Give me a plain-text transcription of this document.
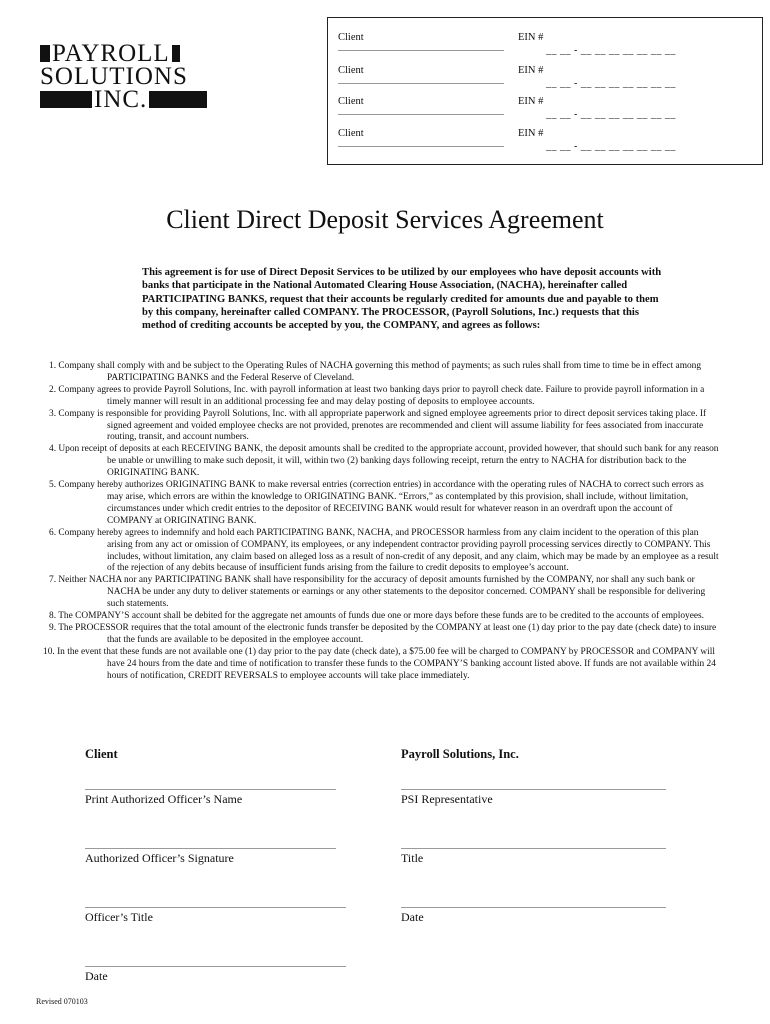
PAYROLL
SOLUTIONS
INC.
Client	EIN #
__ __ - __ __ __ __ __ __ __
Client	EIN #
__ __ - __ __ __ __ __ __ __
Client	EIN #
__ __ - __ __ __ __ __ __ __
Client	EIN #
__ __ - __ __ __ __ __ __ __
Client Direct Deposit Services Agreement
This agreement is for use of Direct Deposit Services to be utilized by our employees who have deposit accounts with banks that participate in the National Automated Clearing House Association, (NACHA), hereinafter called PARTICIPATING BANKS, request that their accounts be regularly credited for amounts due and payable to them by this company, hereinafter called COMPANY. The PROCESSOR, (Payroll Solutions, Inc.) requests that this method of crediting accounts be accepted by you, the COMPANY, and agrees as follows:
1. Company shall comply with and be subject to the Operating Rules of NACHA governing this method of payments; as such rules shall from time to time be in effect among PARTICIPATING BANKS and the Federal Reserve of Cleveland.
2. Company agrees to provide Payroll Solutions, Inc. with payroll information at least two banking days prior to payroll check date. Failure to provide payroll information in a timely manner will result in an additional processing fee and may delay posting of deposits to employee accounts.
3. Company is responsible for providing Payroll Solutions, Inc. with all appropriate paperwork and signed employee agreements prior to direct deposit services taking place. If signed agreement and voided employee checks are not provided, prenotes are recommended and client will assume liability for fees associated from inaccurate routing, transit, and account numbers.
4. Upon receipt of deposits at each RECEIVING BANK, the deposit amounts shall be credited to the appropriate account, provided however, that should such bank for any reason be unable or unwilling to make such deposit, it will, within two (2) banking days following receipt, return the entry to NACHA for distribution back to the ORIGINATING BANK.
5. Company hereby authorizes ORIGINATING BANK to make reversal entries (correction entries) in accordance with the operating rules of NACHA to correct such errors as may arise, which errors are within the knowledge to ORIGINATING BANK. “Errors,” as contemplated by this provision, shall include, without limitation, circumstances under which credit entries to the depositor of RECEIVING BANK would result for whatever reason in an overdraft upon the account of COMPANY at ORIGINATING BANK.
6. Company hereby agrees to indemnify and hold each PARTICIPATING BANK, NACHA, and PROCESSOR harmless from any claim incident to the operation of this plan arising from any act or omission of COMPANY, its employees, or any independent contractor providing payroll processing services directly to COMPANY. This includes, without limitation, any claim based on alleged loss as a result of non-credit of any deposit, and any claim, which may be made by an employee as a result of the rejection of any debits because of insufficient funds arising from the failure to credit deposits to employee’s account.
7. Neither NACHA nor any PARTICIPATING BANK shall have responsibility for the accuracy of deposit amounts furnished by the COMPANY, nor shall any such bank or NACHA be under any duty to deliver statements or earnings or any other statements to the depositor concerned. COMPANY shall be responsible for delivering such statements.
8. The COMPANY’S account shall be debited for the aggregate net amounts of funds due one or more days before these funds are to be credited to the accounts of employees.
9. The PROCESSOR requires that the total amount of the electronic funds transfer be deposited by the COMPANY at least one (1) day prior to the pay date (check date) to insure that the funds are available to be deposited in the employee account.
10. In the event that these funds are not available one (1) day prior to the pay date (check date), a $75.00 fee will be charged to COMPANY by PROCESSOR and COMPANY will have 24 hours from the date and time of notification to transfer these funds to the COMPANY’S banking account listed above. If funds are not available within 24 hours of notification, CREDIT REVERSALS to employee accounts will take place immediately.
Client	Payroll Solutions, Inc.
Print Authorized Officer’s Name	PSI Representative
Authorized Officer’s Signature	Title
Officer’s Title	Date
Date
Revised 070103
